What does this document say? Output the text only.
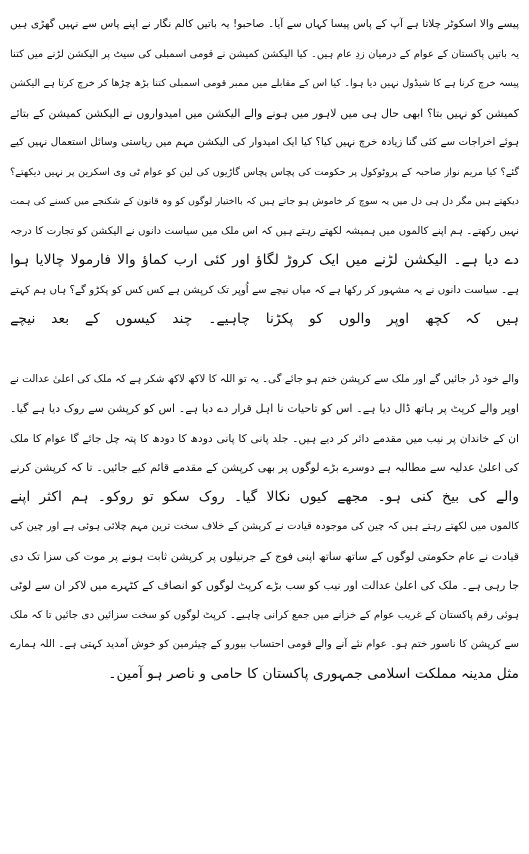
پیسے والا اسکوٹر چلاتا ہے آپ کے پاس پیسا کہاں سے آیا۔ صاحبو! یہ باتیں کالم نگار نے اپنے پاس سے نہیں گھڑی ہیں

یہ باتیں پاکستان کے عوام کے درمیان زدِ عام ہیں۔ کیا الیکشن کمیشن نے قومی اسمبلی کی سیٹ پر الیکشن لڑنے میں کتنا

پیسہ خرچ کرنا ہے کا شیڈول نہیں دیا ہوا۔ کیا اس کے مقابلے میں ممبر قومی اسمبلی کتنا بڑھ چڑھا کر خرچ کرتا ہے الیکشن

کمیشن کو نہیں بتا؟ ابھی حال ہی میں لاہور میں ہونے والے الیکشن میں امیدواروں نے الیکشن کمیشن کے بتائے

ہوئے اخراجات سے کئی گنا زیادہ خرچ نہیں کیا؟ کیا ایک امیدوار کی الیکشن مہم میں ریاستی وسائل استعمال نہیں کیے

گئے؟ کیا مریم نواز صاحبہ کے پروٹوکول پر حکومت کی پچاس پچاس گاڑیوں کی لین کو عوام ٹی وی اسکرین پر نہیں دیکھتے؟

دیکھتے ہیں مگر دل ہی دل میں یہ سوچ کر خاموش ہو جاتے ہیں کہ بااختیار لوگوں کو وہ قانون کے شکنجے میں کسنے کی ہمت

نہیں رکھتے۔ ہم اپنے کالموں میں ہمیشہ لکھتے رہتے ہیں کہ اس ملک میں سیاست دانوں نے الیکشن کو تجارت کا درجہ

دے دیا ہے۔ الیکشن لڑنے میں ایک کروڑ لگاؤ اور کئی ارب کماؤ والا فارمولا چالایا ہوا

ہے۔ سیاست دانوں نے یہ مشہور کر رکھا ہے کہ میاں نیچے سے اُوپر تک کرپشن ہے کس کس کو پکڑو گے؟ ہاں ہم کہتے

ہیں کہ کچھ اوپر والوں کو پکڑنا چاہیے۔ چند کیسوں کے بعد نیچے

والے خود ڈر جائیں گے اور ملک سے کرپشن ختم ہو جائے گی۔ یہ تو اللہ کا لاکھ لاکھ شکر ہے کہ ملک کی اعلیٰ عدالت نے

اوپر والے کرپٹ پر ہاتھ ڈال دیا ہے۔ اس کو تاحیات نا اہل قرار دے دیا ہے۔ اس کو کرپشن سے روک دیا ہے گیا۔

ان کے خاندان پر نیب میں مقدمے دائر کر دیے ہیں۔ جلد پانی کا پانی دودھ کا دودھ کا پتہ چل جائے گا عوام کا ملک

کی اعلیٰ عدلیہ سے مطالبہ ہے دوسرے بڑے لوگوں پر بھی کرپشن کے مقدمے قائم کیے جائیں۔ تا کہ کرپشن کرنے

والے کی بیخ کنی ہو۔ مجھے کیوں نکالا گیا۔ روک سکو تو روکو۔ ہم اکثر اپنے

کالموں میں لکھتے رہتے ہیں کہ چین کی موجودہ قیادت نے کرپشن کے خلاف سخت ترین مہم چلائی ہوئی ہے اور چین کی

قیادت نے عام حکومتی لوگوں کے ساتھ ساتھ اپنی فوج کے جرنیلوں پر کرپشن ثابت ہونے پر موت کی سزا تک دی

جا رہی ہے۔ ملک کی اعلیٰ عدالت اور نیب کو سب بڑے کرپٹ لوگوں کو انصاف کے کٹہرے میں لاکر ان سے لوٹی

ہوئی رقم پاکستان کے غریب عوام کے خزانے میں جمع کرانی چاہیے۔ کرپٹ لوگوں کو سخت سزائیں دی جائیں تا کہ ملک

سے کرپشن کا ناسور ختم ہو۔ عوام نئے آنے والے قومی احتساب بیورو کے چیئرمین کو خوش آمدید کہتی ہے۔ اللہ ہمارے

مثل مدینہ مملکت اسلامی جمہوری پاکستان کا حامی و ناصر ہو آمین۔
